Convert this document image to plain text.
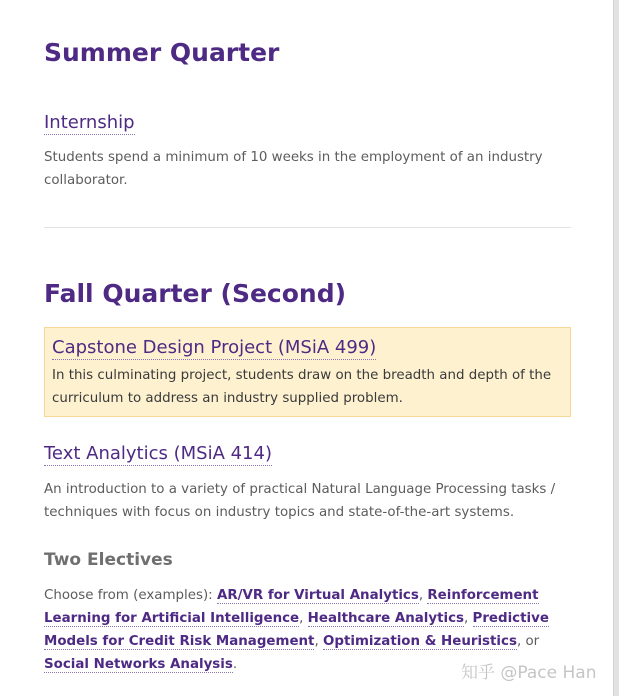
Summer Quarter
Internship

Students spend a minimum of 10 weeks in the employment of an industry collaborator.

Fall Quarter (Second)
Capstone Design Project (MSiA 499)

In this culminating project, students draw on the breadth and depth of the curriculum to address an industry supplied problem.

Text Analytics (MSiA 414)

An introduction to a variety of practical Natural Language Processing tasks / techniques with focus on industry topics and state-of-the-art systems.

Two Electives

Choose from (examples): AR/VR for Virtual Analytics, Reinforcement Learning for Artificial Intelligence, Healthcare Analytics, Predictive Models for Credit Risk Management, Optimization & Heuristics, or Social Networks Analysis.	知乎 @Pace Han
